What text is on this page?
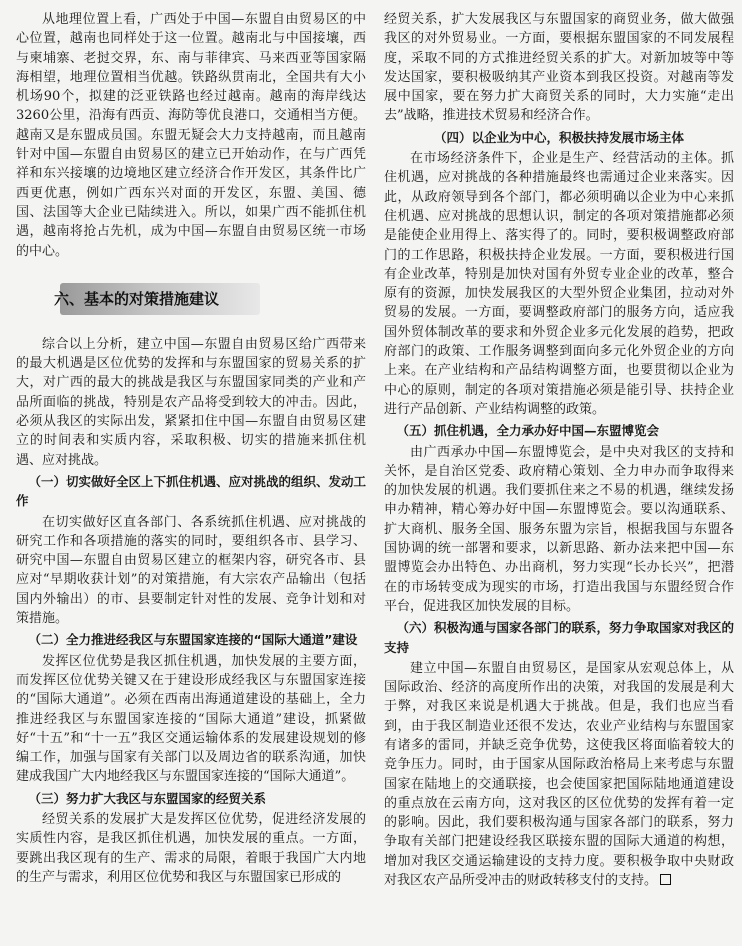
从地理位置上看，广西处于中国—东盟自由贸易区的中心位置，越南也同样处于这一位置。越南北与中国接壤，西与柬埔寨、老挝交界，东、南与菲律宾、马来西亚等国家隔海相望，地理位置相当优越。铁路纵贯南北，全国共有大小机场90个，拟建的泛亚铁路也经过越南。越南的海岸线达3260公里，沿海有西贡、海防等优良港口，交通相当方便。越南又是东盟成员国。东盟无疑会大力支持越南，而且越南针对中国—东盟自由贸易区的建立已开始动作，在与广西凭祥和东兴接壤的边境地区建立经济合作开发区，其条件比广西更优惠，例如广西东兴对面的开发区，东盟、美国、德国、法国等大企业已陆续进入。所以，如果广西不能抓住机遇，越南将抢占先机，成为中国—东盟自由贸易区统一市场的中心。

六、基本的对策措施建议

综合以上分析，建立中国—东盟自由贸易区给广西带来的最大机遇是区位优势的发挥和与东盟国家的贸易关系的扩大，对广西的最大的挑战是我区与东盟国家同类的产业和产品所面临的挑战，特别是农产品将受到较大的冲击。因此，必须从我区的实际出发，紧紧扣住中国—东盟自由贸易区建立的时间表和实质内容，采取积极、切实的措施来抓住机遇、应对挑战。

（一）切实做好全区上下抓住机遇、应对挑战的组织、发动工作

在切实做好区直各部门、各系统抓住机遇、应对挑战的研究工作和各项措施的落实的同时，要组织各市、县学习、研究中国—东盟自由贸易区建立的框架内容，研究各市、县应对“早期收获计划”的对策措施，有大宗农产品输出（包括国内外输出）的市、县要制定针对性的发展、竞争计划和对策措施。

（二）全力推进经我区与东盟国家连接的“国际大通道”建设

发挥区位优势是我区抓住机遇，加快发展的主要方面，而发挥区位优势关键又在于建设形成经我区与东盟国家连接的“国际大通道”。必须在西南出海通道建设的基础上，全力推进经我区与东盟国家连接的“国际大通道”建设，抓紧做好“十五”和“十一五”我区交通运输体系的发展建设规划的修编工作，加强与国家有关部门以及周边省的联系沟通，加快建成我国广大内地经我区与东盟国家连接的“国际大通道”。

（三）努力扩大我区与东盟国家的经贸关系

经贸关系的发展扩大是发挥区位优势，促进经济发展的实质性内容，是我区抓住机遇，加快发展的重点。一方面，要跳出我区现有的生产、需求的局限，着眼于我国广大内地的生产与需求，利用区位优势和我区与东盟国家已形成的

经贸关系，扩大发展我区与东盟国家的商贸业务，做大做强我区的对外贸易业。一方面，要根据东盟国家的不同发展程度，采取不同的方式推进经贸关系的扩大。对新加坡等中等发达国家，要积极吸纳其产业资本到我区投资。对越南等发展中国家，要在努力扩大商贸关系的同时，大力实施“走出去”战略，推进技术贸易和经济合作。

（四）以企业为中心，积极扶持发展市场主体

在市场经济条件下，企业是生产、经营活动的主体。抓住机遇，应对挑战的各种措施最终也需通过企业来落实。因此，从政府领导到各个部门，都必须明确以企业为中心来抓住机遇、应对挑战的思想认识，制定的各项对策措施都必须是能使企业用得上、落实得了的。同时，要积极调整政府部门的工作思路，积极扶持企业发展。一方面，要积极进行国有企业改革，特别是加快对国有外贸专业企业的改革，整合原有的资源，加快发展我区的大型外贸企业集团，拉动对外贸易的发展。一方面，要调整政府部门的服务方向，适应我国外贸体制改革的要求和外贸企业多元化发展的趋势，把政府部门的政策、工作服务调整到面向多元化外贸企业的方向上来。在产业结构和产品结构调整方面，也要贯彻以企业为中心的原则，制定的各项对策措施必须是能引导、扶持企业进行产品创新、产业结构调整的政策。

（五）抓住机遇，全力承办好中国—东盟博览会

由广西承办中国—东盟博览会，是中央对我区的支持和关怀，是自治区党委、政府精心策划、全力申办而争取得来的加快发展的机遇。我们要抓住来之不易的机遇，继续发扬申办精神，精心筹办好中国—东盟博览会。要以沟通联系、扩大商机、服务全国、服务东盟为宗旨，根据我国与东盟各国协调的统一部署和要求，以新思路、新办法来把中国—东盟博览会办出特色、办出商机，努力实现“长办长兴”，把潜在的市场转变成为现实的市场，打造出我国与东盟经贸合作平台，促进我区加快发展的目标。

（六）积极沟通与国家各部门的联系，努力争取国家对我区的支持

建立中国—东盟自由贸易区，是国家从宏观总体上，从国际政治、经济的高度所作出的决策，对我国的发展是利大于弊，对我区来说是机遇大于挑战。但是，我们也应当看到，由于我区制造业还很不发达，农业产业结构与东盟国家有诸多的雷同，并缺乏竞争优势，这使我区将面临着较大的竞争压力。同时，由于国家从国际政治格局上来考虑与东盟国家在陆地上的交通联接，也会使国家把国际陆地通道建设的重点放在云南方向，这对我区的区位优势的发挥有着一定的影响。因此，我们要积极沟通与国家各部门的联系，努力争取有关部门把建设经我区联接东盟的国际大通道的构想，增加对我区交通运输建设的支持力度。要积极争取中央财政对我区农产品所受冲击的财政转移支付的支持。
